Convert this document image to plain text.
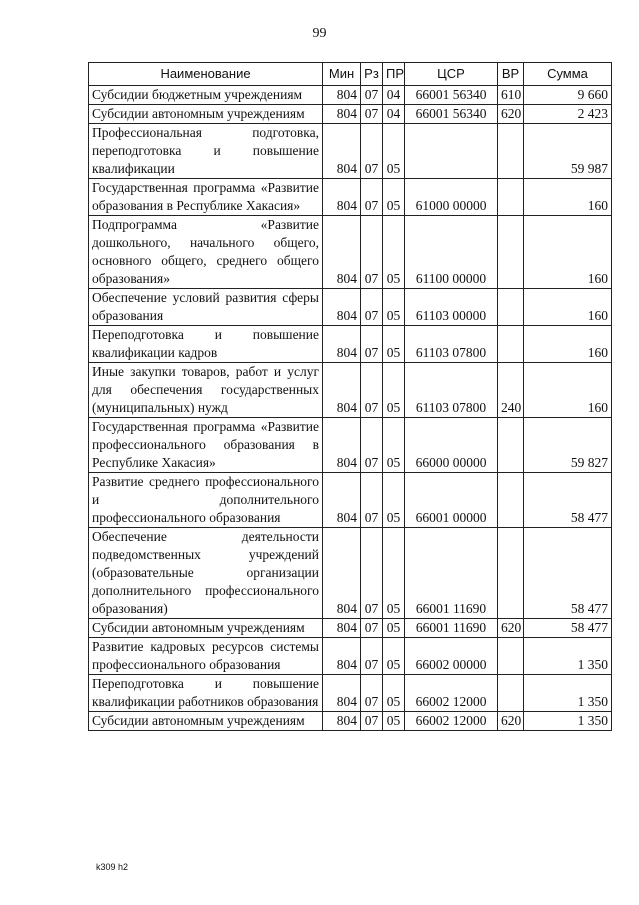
99
Наименование	Мин	Рз	ПР	ЦСР	ВР	Сумма
Субсидии бюджетным учреждениям	804	07	04	66001 56340	610	9 660
Субсидии автономным учреждениям	804	07	04	66001 56340	620	2 423
Профессиональная подготовка, переподготовка и повышение квалификации	804	07	05			59 987
Государственная программа «Развитие образования в Республике Хакасия»	804	07	05	61000 00000		160
Подпрограмма «Развитие дошкольного, начального общего, основного общего, среднего общего образования»	804	07	05	61100 00000		160
Обеспечение условий развития сферы образования	804	07	05	61103 00000		160
Переподготовка и повышение квалификации кадров	804	07	05	61103 07800		160
Иные закупки товаров, работ и услуг для обеспечения государственных (муниципальных) нужд	804	07	05	61103 07800	240	160
Государственная программа «Развитие профессионального образования в Республике Хакасия»	804	07	05	66000 00000		59 827
Развитие среднего профессионального и дополнительного профессионального образования	804	07	05	66001 00000		58 477
Обеспечение деятельности подведомственных учреждений (образовательные организации дополнительного профессионального образования)	804	07	05	66001 11690		58 477
Субсидии автономным учреждениям	804	07	05	66001 11690	620	58 477
Развитие кадровых ресурсов системы профессионального образования	804	07	05	66002 00000		1 350
Переподготовка и повышение квалификации работников образования	804	07	05	66002 12000		1 350
Субсидии автономным учреждениям	804	07	05	66002 12000	620	1 350
k309 h2
